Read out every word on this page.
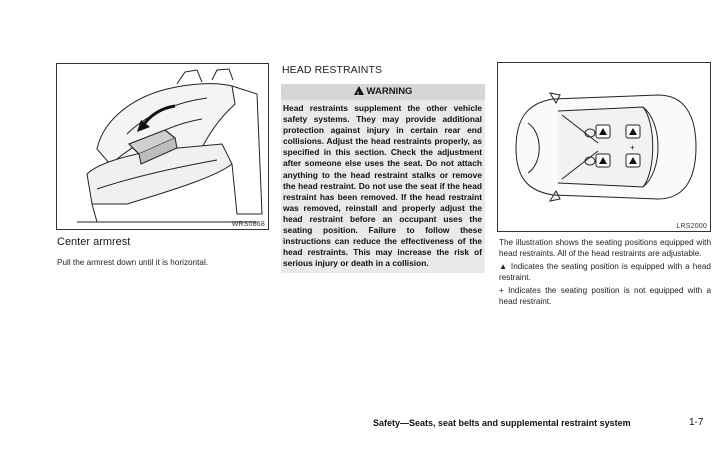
WRS0868
Center armrest
Pull the armrest down until it is horizontal.
HEAD RESTRAINTS
!WARNING
Head restraints supplement the other vehicle safety systems. They may provide additional protection against injury in certain rear end collisions. Adjust the head restraints properly, as specified in this section. Check the adjustment after someone else uses the seat. Do not attach anything to the head restraint stalks or remove the head restraint. Do not use the seat if the head restraint has been removed. If the head restraint was removed, reinstall and properly adjust the head restraint before an occupant uses the seating position. Failure to follow these instructions can reduce the effectiveness of the head restraints. This may increase the risk of serious injury or death in a collision.
+
LRS2000

The illustration shows the seating positions equipped with head restraints. All of the head restraints are adjustable.

▲ Indicates the seating position is equipped with a head restraint.

+ Indicates the seating position is not equipped with a head restraint.

Safety—Seats, seat belts and supplemental restraint system	1-7
